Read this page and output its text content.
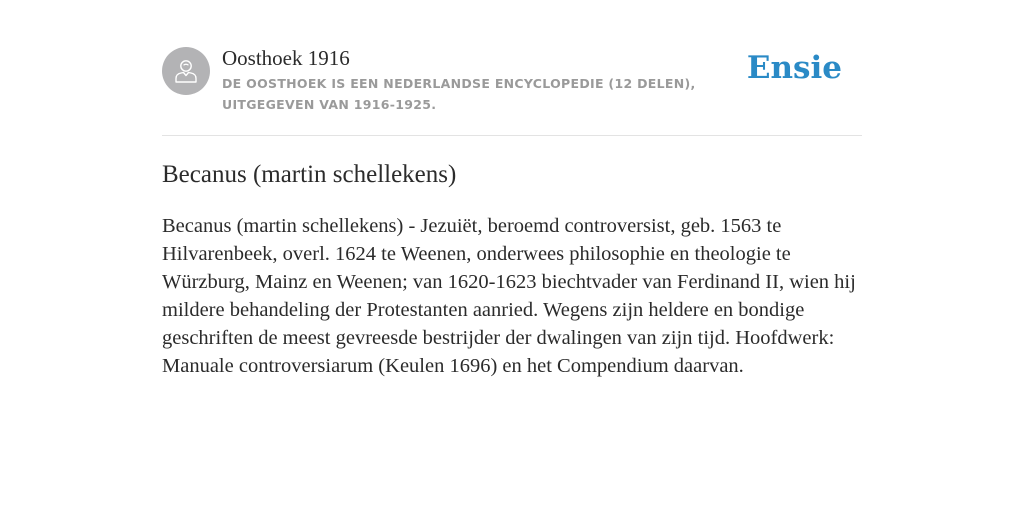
Oosthoek 1916
DE OOSTHOEK IS EEN NEDERLANDSE ENCYCLOPEDIE (12 DELEN), UITGEGEVEN VAN 1916-1925.
Ensie
Becanus (martin schellekens)

Becanus (martin schellekens) - Jezuiët, beroemd controversist, geb. 1563 te Hilvarenbeek, overl. 1624 te Weenen, onderwees philosophie en theologie te Würzburg, Mainz en Weenen; van 1620-1623 biechtvader van Ferdinand II, wien hij mildere behandeling der Protestanten aanried. Wegens zijn heldere en bondige geschriften de meest gevreesde bestrijder der dwalingen van zijn tijd. Hoofdwerk: Manuale controversiarum (Keulen 1696) en het Compendium daarvan.
